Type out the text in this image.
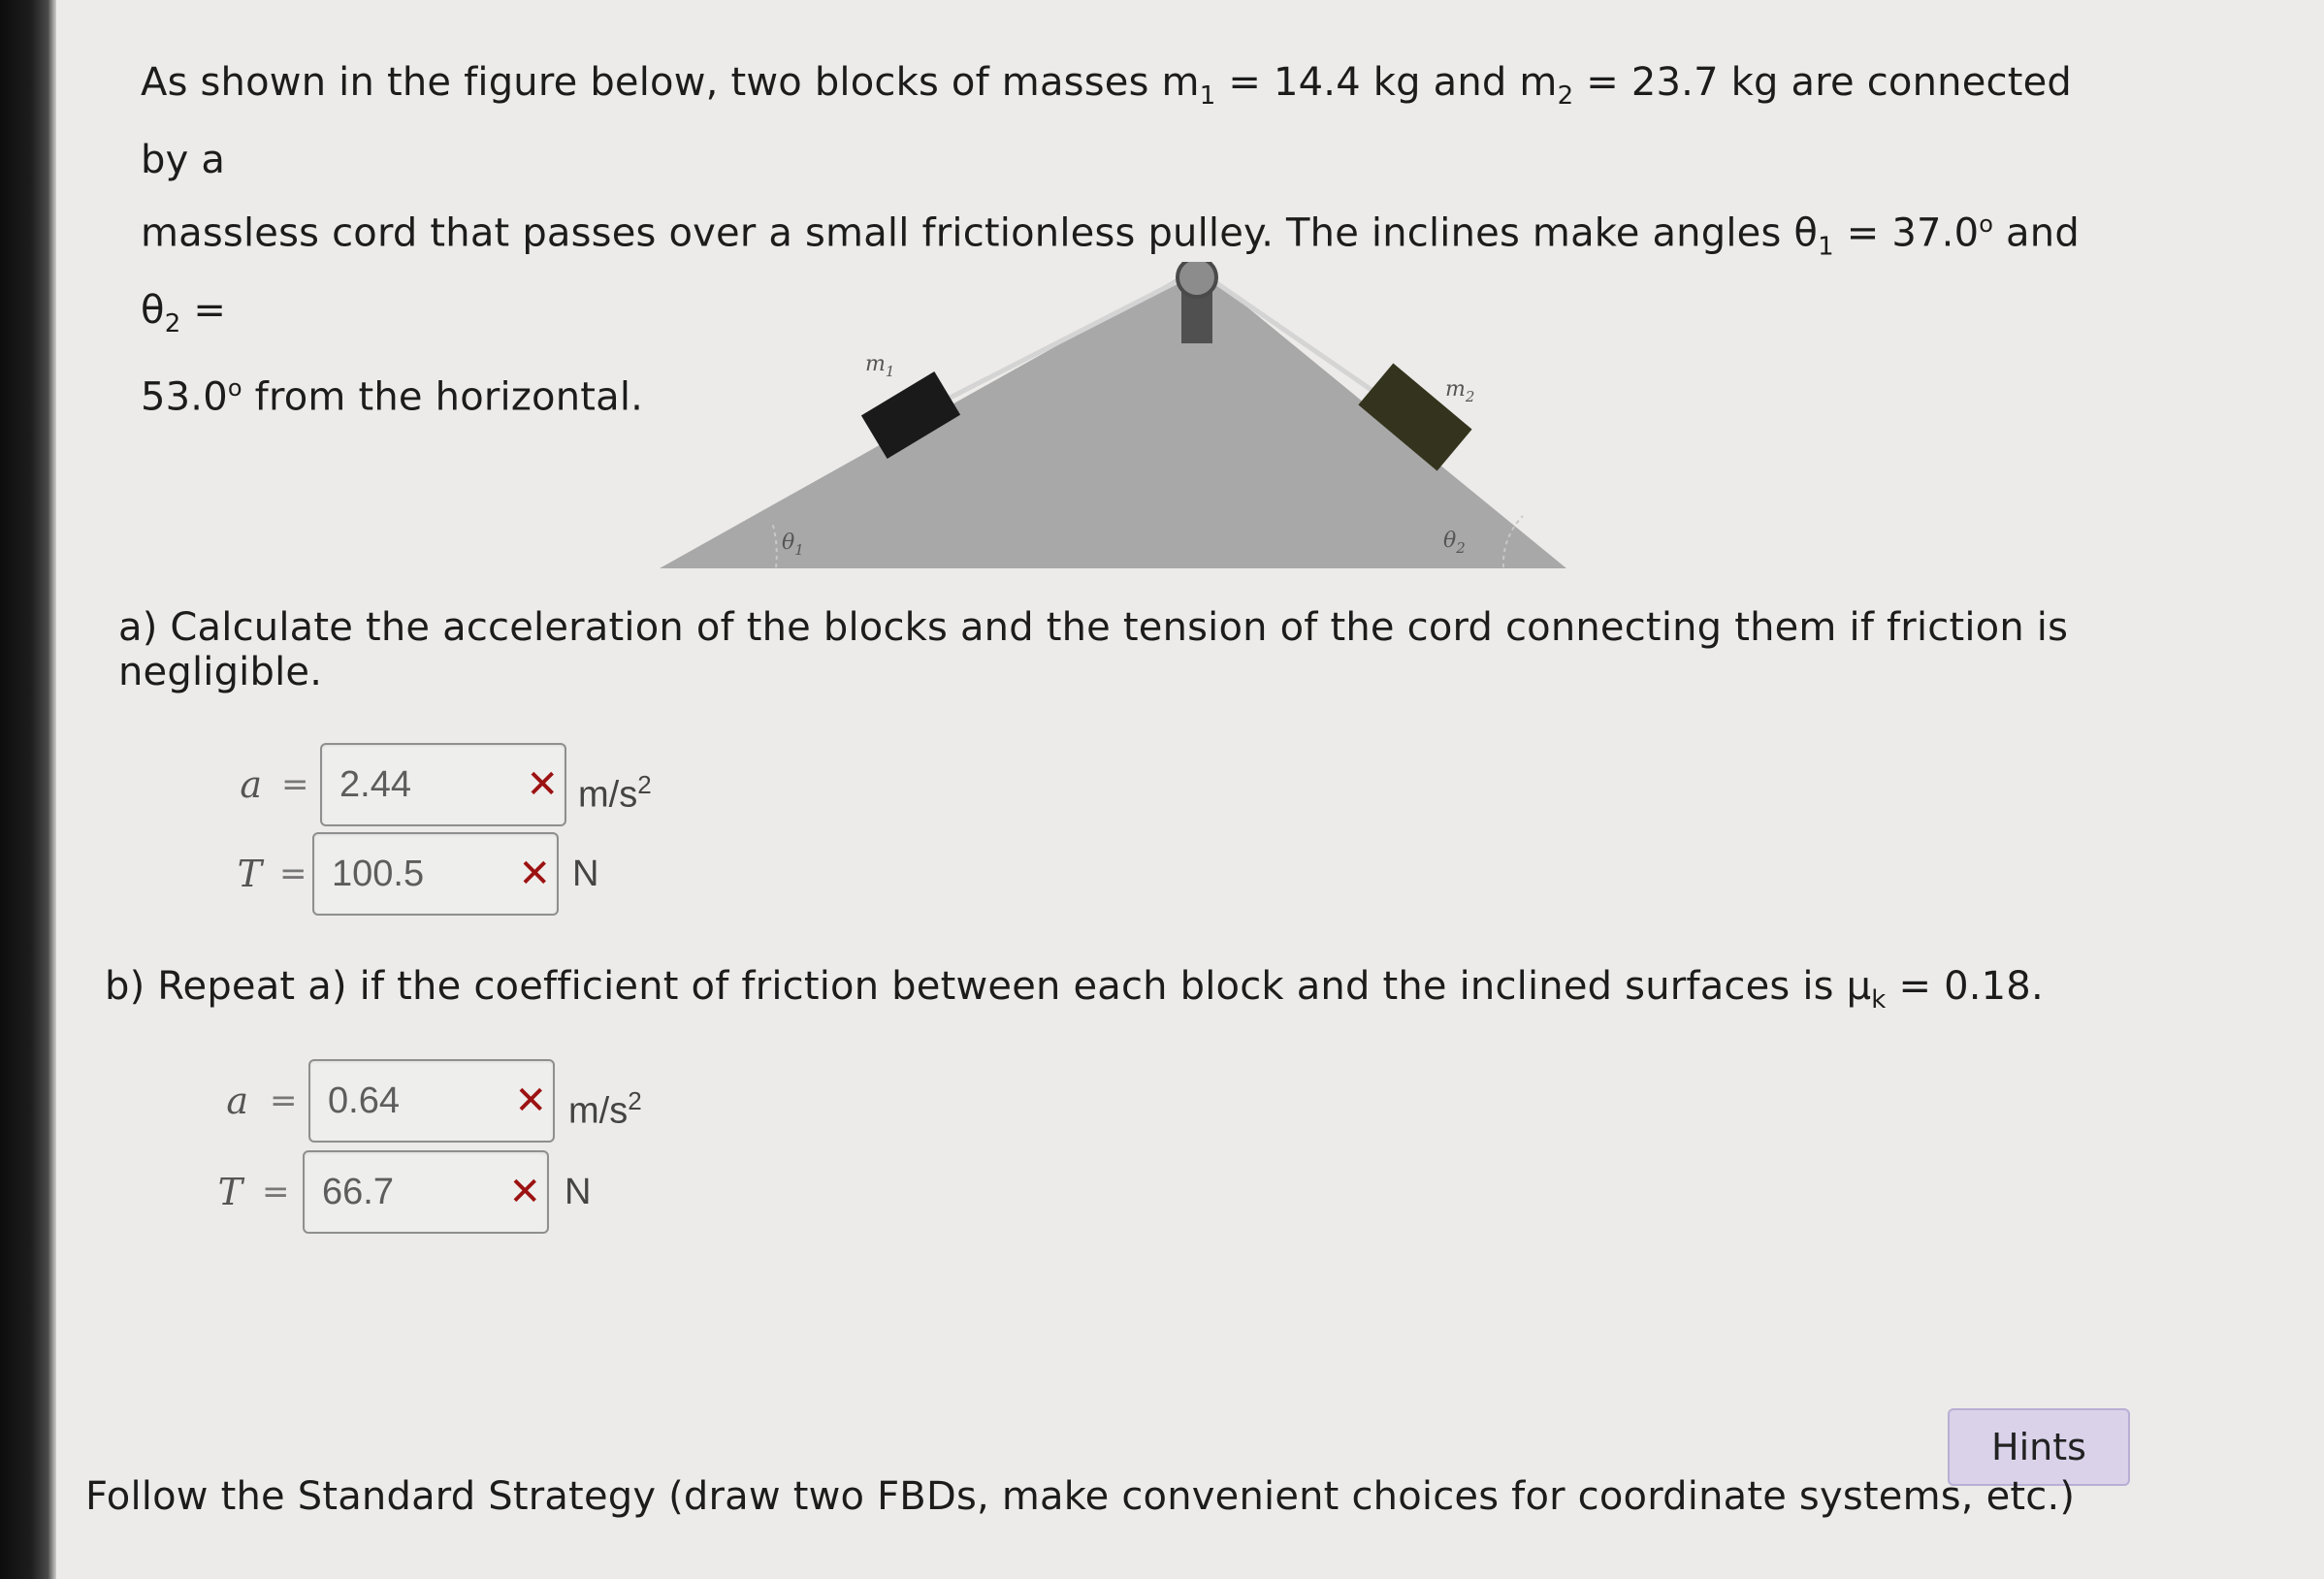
As shown in the figure below, two blocks of masses $m_1 = 14.4$ kg and $m_2 = 23.7$ kg are connected by a
massless cord that passes over a small frictionless pulley. The inclines make angles $\theta_1 = 37.0^o$ and $\theta_2$ =
$53.0^o$ from the horizontal.
$m_1$
$m_2$
$\theta_1$	$\theta_2$
a) Calculate the acceleration of the blocks and the tension of the cord connecting them if friction is
negligible.
a = 2.44	✕ $m/s^2$
T = 100.5 ✕ N
b) Repeat a) if the coefficient of friction between each block and the inclined surfaces is $\mu_k = 0.18$.
a = 0.64	✕ $m/s^2$
T = 66.7	✕ N
Hints
Follow the Standard Strategy (draw two FBDs, make convenient choices for coordinate systems, etc.)
